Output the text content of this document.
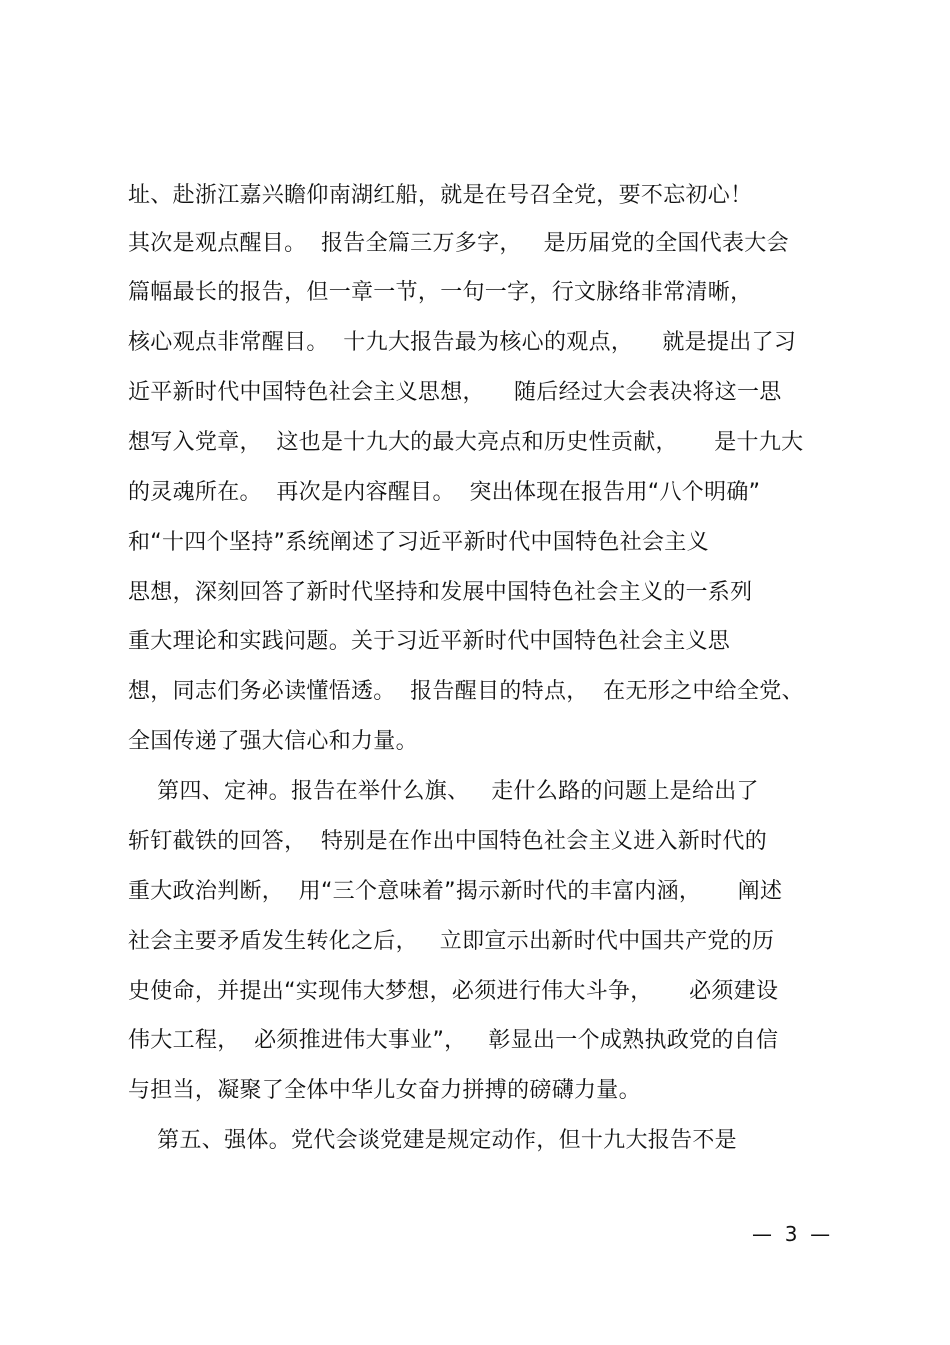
址、赴浙江嘉兴瞻仰南湖红船，就是在号召全党，要不忘初心！
其次是观点醒目。  报告全篇三万多字，   是历届党的全国代表大会
篇幅最长的报告，但一章一节，一句一字，行文脉络非常清晰，
核心观点非常醒目。  十九大报告最为核心的观点，    就是提出了习
近平新时代中国特色社会主义思想，    随后经过大会表决将这一思
想写入党章，  这也是十九大的最大亮点和历史性贡献，     是十九大
的灵魂所在。  再次是内容醒目。  突出体现在报告用“八个明确”
和“十四个坚持”系统阐述了习近平新时代中国特色社会主义
思想，深刻回答了新时代坚持和发展中国特色社会主义的一系列
重大理论和实践问题。关于习近平新时代中国特色社会主义思
想，同志们务必读懂悟透。  报告醒目的特点，  在无形之中给全党、
全国传递了强大信心和力量。
第四、定神。报告在举什么旗、   走什么路的问题上是给出了
斩钉截铁的回答，  特别是在作出中国特色社会主义进入新时代的
重大政治判断，  用“三个意味着”揭示新时代的丰富内涵，     阐述
社会主要矛盾发生转化之后，   立即宣示出新时代中国共产党的历
史使命，并提出“实现伟大梦想，必须进行伟大斗争，     必须建设
伟大工程，  必须推进伟大事业”，   彰显出一个成熟执政党的自信
与担当，凝聚了全体中华儿女奋力拼搏的磅礴力量。
第五、强体。党代会谈党建是规定动作，但十九大报告不是
—  3  —
